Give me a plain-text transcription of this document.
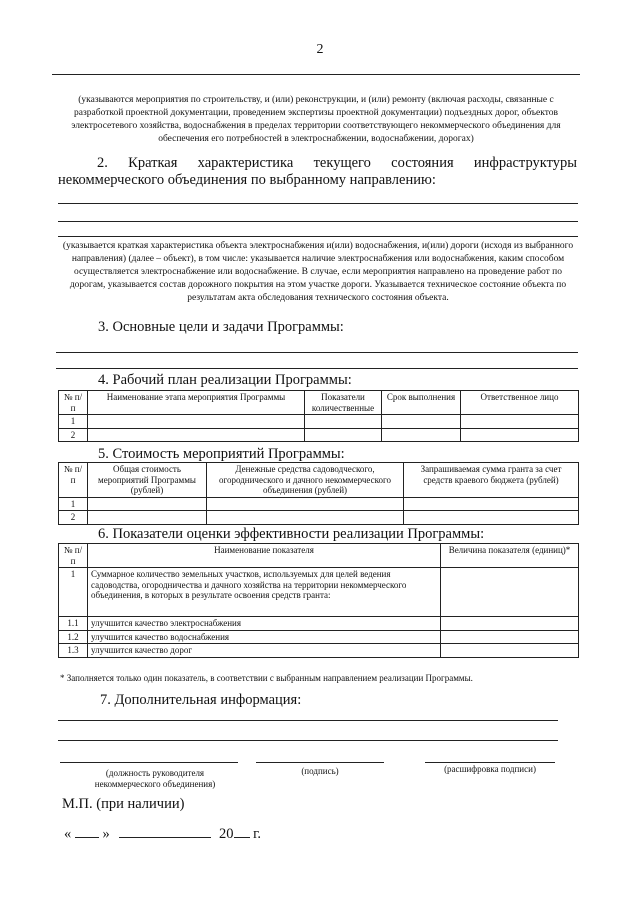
2
(указываются мероприятия по строительству, и (или) реконструкции, и (или) ремонту (включая расходы, связанные с разработкой проектной документации, проведением экспертизы проектной документации) подъездных дорог, объектов электросетевого хозяйства, водоснабжения в пределах территории соответствующего некоммерческого объединения для обеспечения его потребностей в электроснабжении, водоснабжении, дорогах)
2. Краткая характеристика текущего состояния инфраструктуры
некоммерческого объединения по выбранному направлению:
(указывается краткая характеристика объекта электроснабжения и(или) водоснабжения, и(или) дороги (исходя из выбранного направления) (далее – объект), в том числе: указывается наличие электроснабжения или водоснабжения, каким способом осуществляется электроснабжение или водоснабжение. В случае, если мероприятия направлено на проведение работ по дорогам, указывается состав дорожного покрытия на этом участке дороги. Указывается техническое состояние объекта по результатам акта обследования технического состояния объекта.
3. Основные цели и задачи Программы:
4. Рабочий план реализации Программы:
№ п/п	Наименование этапа мероприятия Программы	Показатели количественные	Срок выполнения	Ответственное лицо
1				
2				
5. Стоимость мероприятий Программы:
№ п/п	Общая стоимость мероприятий Программы (рублей)	Денежные средства садоводческого, огороднического и дачного некоммерческого объединения (рублей)	Запрашиваемая сумма гранта за счет средств краевого бюджета (рублей)
1			
2			
6. Показатели оценки эффективности реализации Программы:
№ п/п	Наименование показателя	Величина показателя (единиц)*
1	Суммарное количество земельных участков, используемых для целей ведения садоводства, огородничества и дачного хозяйства на территории некоммерческого объединения, в которых в результате освоения средств гранта:	
1.1	улучшится качество электроснабжения	
1.2	улучшится качество водоснабжения	
1.3	улучшится качество дорог	
* Заполняется только один показатель, в соответствии с выбранным направлением реализации Программы.
7. Дополнительная информация:
(должность руководителя некоммерческого объединения)
(подпись)	(расшифровка подписи)
М.П. (при наличии)
« »	20 г.
